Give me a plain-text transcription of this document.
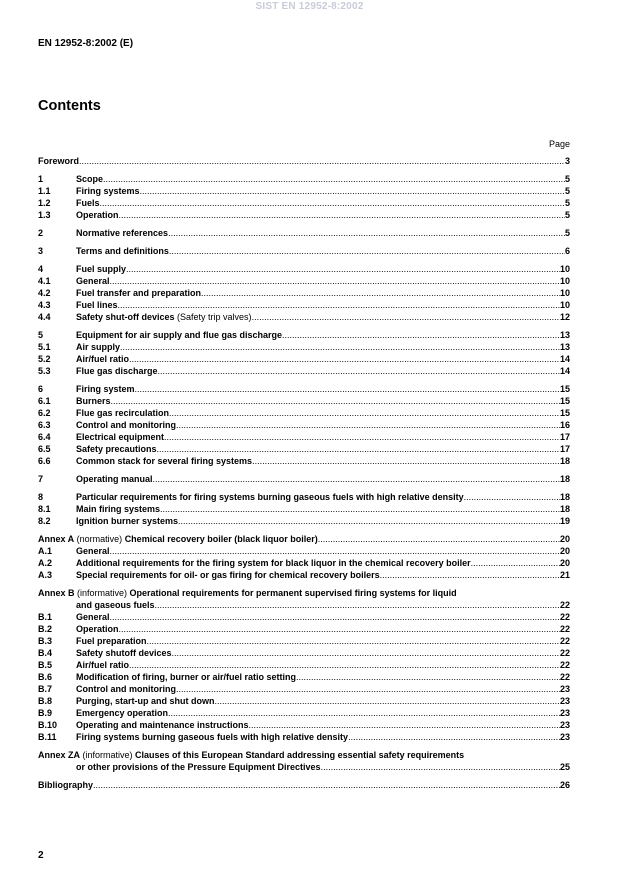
SIST EN 12952-8:2002
EN 12952-8:2002 (E)
Contents
Page
Foreword .....	3
1	Scope .....	5
1.1	Firing systems .....	5
1.2	Fuels .....	5
1.3	Operation .....	5
2	Normative references .....	5
3	Terms and definitions .....	6
4	Fuel supply .....	10
4.1	General .....	10
4.2	Fuel transfer and preparation .....	10
4.3	Fuel lines .....	10
4.4	Safety shut-off devices (Safety trip valves) .....	12
5	Equipment for air supply and flue gas discharge .....	13
5.1	Air supply .....	13
5.2	Air/fuel ratio .....	14
5.3	Flue gas discharge .....	14
6	Firing system .....	15
6.1	Burners .....	15
6.2	Flue gas recirculation .....	15
6.3	Control and monitoring .....	16
6.4	Electrical equipment .....	17
6.5	Safety precautions .....	17
6.6	Common stack for several firing systems .....	18
7	Operating manual .....	18
8	Particular requirements for firing systems burning gaseous fuels with high relative density .....	18
8.1	Main firing systems .....	18
8.2	Ignition burner systems .....	19
Annex A (normative) Chemical recovery boiler (black liquor boiler) .....	20
A.1	General .....	20
A.2	Additional requirements for the firing system for black liquor in the chemical recovery boiler .....	20
A.3	Special requirements for oil- or gas firing for chemical recovery boilers .....	21
Annex B (informative) Operational requirements for permanent supervised firing systems for liquid
and gaseous fuels .....	22
B.1	General .....	22
B.2	Operation .....	22
B.3	Fuel preparation .....	22
B.4	Safety shutoff devices .....	22
B.5	Air/fuel ratio .....	22
B.6	Modification of firing, burner or air/fuel ratio setting .....	22
B.7	Control and monitoring .....	23
B.8	Purging, start-up and shut down .....	23
B.9	Emergency operation .....	23
B.10	Operating and maintenance instructions .....	23
B.11	Firing systems burning gaseous fuels with high relative density .....	23
Annex ZA (informative) Clauses of this European Standard addressing essential safety requirements
or other provisions of the Pressure Equipment Directives .....	25
Bibliography .....	26
2
